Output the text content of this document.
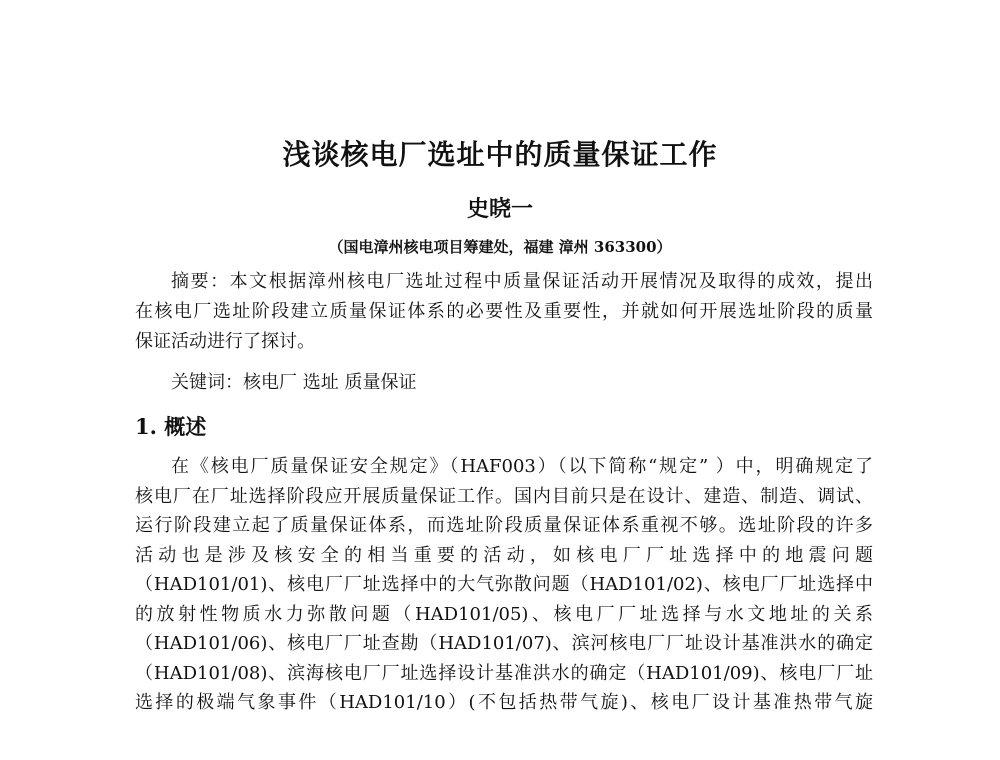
浅谈核电厂选址中的质量保证工作
史晓一
（国电漳州核电项目筹建处，福建 漳州 363300）
摘要：本文根据漳州核电厂选址过程中质量保证活动开展情况及取得的成效，提出
在核电厂选址阶段建立质量保证体系的必要性及重要性，并就如何开展选址阶段的质量
保证活动进行了探讨。
关键词：核电厂 选址 质量保证
1. 概述
在《核电厂质量保证安全规定》（HAF003）（以下简称“规定” ）中，明确规定了
核电厂在厂址选择阶段应开展质量保证工作。国内目前只是在设计、建造、制造、调试、
运行阶段建立起了质量保证体系，而选址阶段质量保证体系重视不够。选址阶段的许多
活动也是涉及核安全的相当重要的活动，如核电厂厂址选择中的地震问题
（HAD101/01)、核电厂厂址选择中的大气弥散问题（HAD101/02)、核电厂厂址选择中
的放射性物质水力弥散问题（HAD101/05)、核电厂厂址选择与水文地址的关系
（HAD101/06)、核电厂厂址查勘（HAD101/07)、滨河核电厂厂址设计基准洪水的确定
（HAD101/08)、滨海核电厂厂址选择设计基准洪水的确定（HAD101/09)、核电厂厂址
选择的极端气象事件（HAD101/10）(不包括热带气旋)、核电厂设计基准热带气旋
